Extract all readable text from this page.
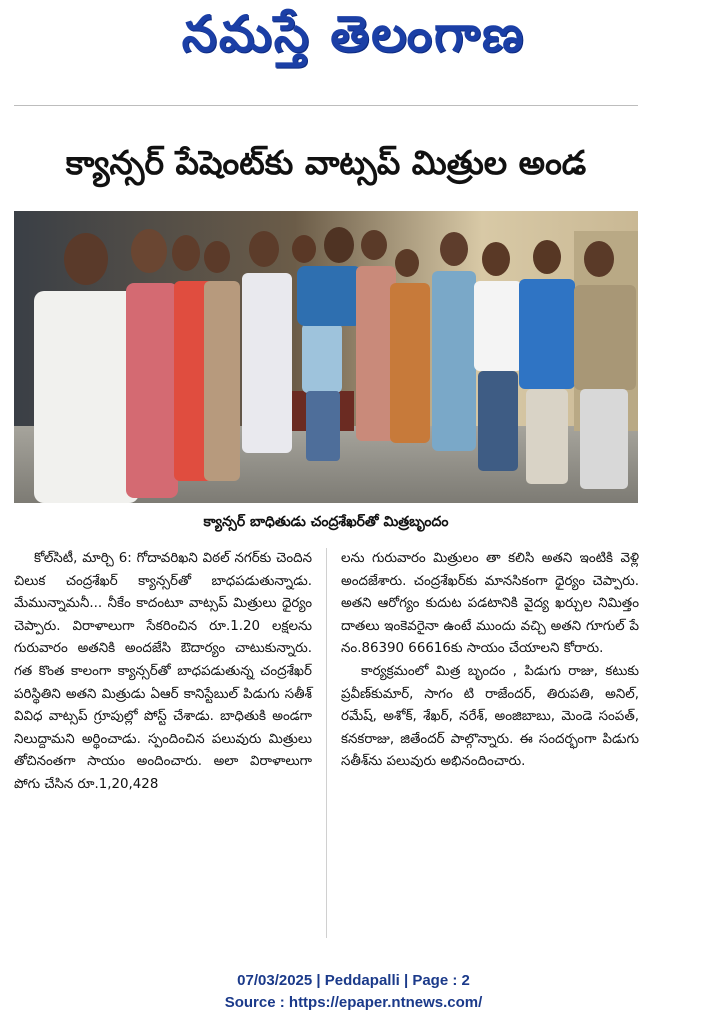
నమస్తే తెలంగాణ
క్యాన్సర్ పేషెంట్‌కు వాట్సప్ మిత్రుల అండ
క్యాన్సర్ బాధితుడు చంద్రశేఖర్‌తో మిత్రబృందం

కోల్‌సిటీ, మార్చి 6: గోదావరిఖని విఠల్ నగర్‌కు చెందిన చిలుక చంద్రశేఖర్ క్యాన్సర్‌తో బాధపడుతున్నాడు. మేమున్నామనీ... నీకేం కాదంటూ వాట్సప్ మిత్రులు ధైర్యం చెప్పారు. విరాళాలుగా సేకరించిన రూ.1.20 లక్షలను గురువారం అతనికి అందజేసి ఔదార్యం చాటుకున్నారు. గత కొంత కాలంగా క్యాన్సర్‌తో బాధపడుతున్న చంద్రశేఖర్ పరిస్థితిని అతని మిత్రుడు ఏఆర్ కానిస్టేబుల్ పిడుగు సతీశ్ వివిధ వాట్సప్ గ్రూపుల్లో పోస్ట్ చేశాడు. బాధితుకి అండగా నిలుద్దామని అర్థించాడు. స్పందించిన పలువురు మిత్రులు తోచినంతగా సాయం అందించారు. అలా విరాళాలుగా పోగు చేసిన రూ.1,20,428

లను గురువారం మిత్రులం తా కలిసి అతని ఇంటికి వెళ్లి అందజేశారు. చంద్రశేఖర్‌కు మానసికంగా ధైర్యం చెప్పారు. అతని ఆరోగ్యం కుదుట పడటానికి వైద్య ఖర్చుల నిమిత్తం దాతలు ఇంకెవరైనా ఉంటే ముందు వచ్చి అతని గూగుల్ పే నం.86390 66616కు సాయం చేయాలని కోరారు.

కార్యక్రమంలో మిత్ర బృందం , పిడుగు రాజు, కటుకు ప్రవీణ్‌కుమార్, సాగం టి రాజేందర్, తిరుపతి, అనిల్, రమేష్, అశోక్, శేఖర్, నరేశ్, అంజిబాబు, మెండె సంపత్, కనకరాజు, జితేందర్ పాల్గొన్నారు. ఈ సందర్భంగా పిడుగు సతీశ్‌ను పలువురు అభినందించారు.

07/03/2025 | Peddapalli | Page : 2
Source : https://epaper.ntnews.com/
